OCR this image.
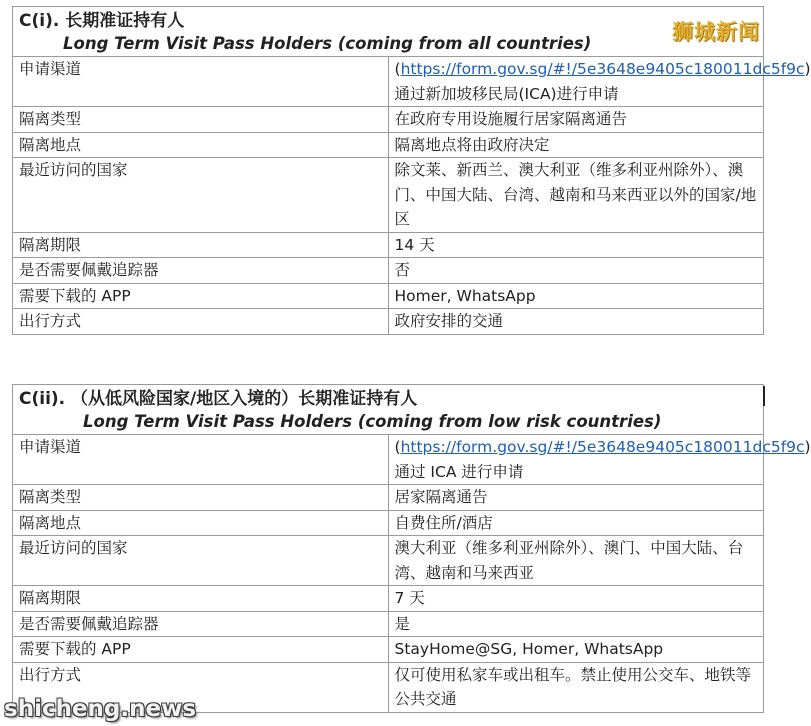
C(i). 长期准证持有人
Long Term Visit Pass Holders (coming from all countries)	

申请渠道	(https://form.gov.sg/#!/5e3648e9405c180011dc5f9c)
通过新加坡移民局(ICA)进行申请
隔离类型	在政府专用设施履行居家隔离通告
隔离地点	隔离地点将由政府决定
最近访问的国家	除文莱、新西兰、澳大利亚（维多利亚州除外）、澳门、中国大陆、台湾、越南和马来西亚以外的国家/地区
隔离期限	14 天
是否需要佩戴追踪器	否
需要下载的 APP	Homer, WhatsApp
出行方式	政府安排的交通
C(ii). （从低风险国家/地区入境的）长期准证持有人
Long Term Visit Pass Holders (coming from low risk countries)	

申请渠道	(https://form.gov.sg/#!/5e3648e9405c180011dc5f9c)
通过 ICA 进行申请
隔离类型	居家隔离通告
隔离地点	自费住所/酒店
最近访问的国家	澳大利亚（维多利亚州除外）、澳门、中国大陆、台湾、越南和马来西亚
隔离期限	7 天
是否需要佩戴追踪器	是
需要下载的 APP	StayHome@SG, Homer, WhatsApp
出行方式	仅可使用私家车或出租车。禁止使用公交车、地铁等公共交通
狮城新闻
shicheng.news
